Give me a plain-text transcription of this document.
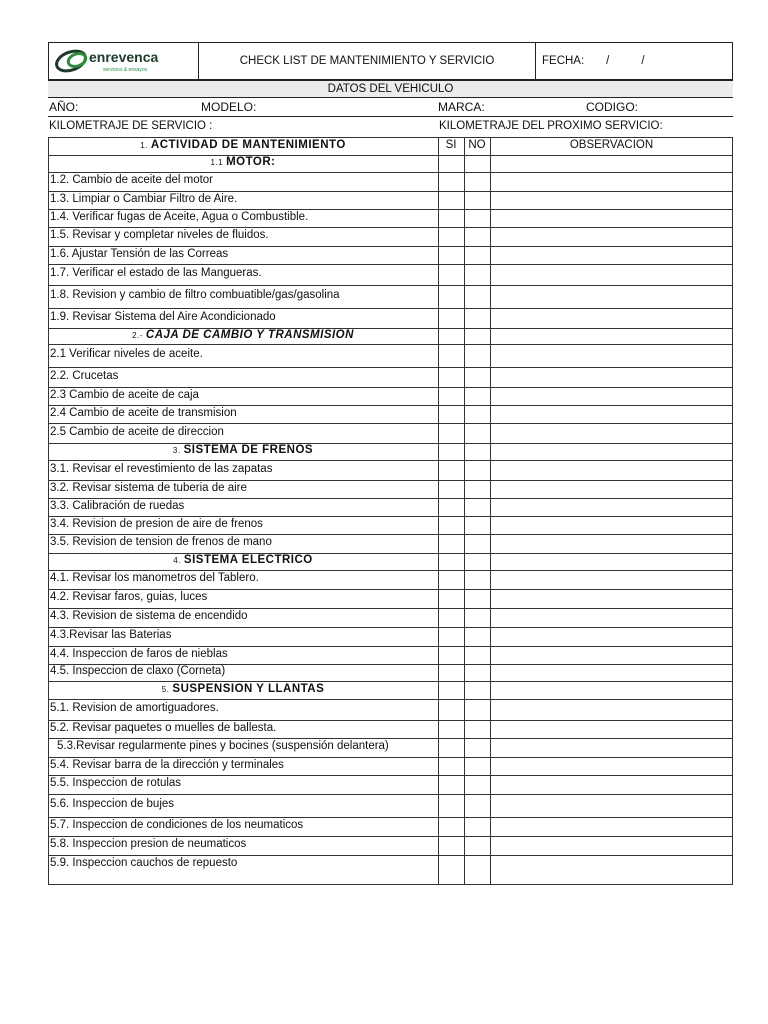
enrevenca
servicios & ensayos
CHECK LIST DE MANTENIMIENTO Y SERVICIO	FECHA: /          /
DATOS DEL VEHICULO
AÑO:	MODELO:	MARCA:	CODIGO:
KILOMETRAJE DE SERVICIO :	KILOMETRAJE DEL PROXIMO SERVICIO:
1. ACTIVIDAD DE MANTENIMIENTO	SI	NO	OBSERVACION
1.1 MOTOR:
1.2. Cambio de aceite del motor
1.3. Limpiar o Cambiar Filtro de Aire.
1.4. Verificar fugas de Aceite, Agua o Combustible.
1.5. Revisar y completar niveles de fluidos.
1.6. Ajustar Tensión de las Correas
1.7. Verificar el estado de las Mangueras.
1.8. Revision y cambio de filtro combuatible/gas/gasolina
1.9. Revisar Sistema del Aire Acondicionado
2.- CAJA DE CAMBIO Y TRANSMISION
2.1 Verificar niveles de aceite.
2.2. Crucetas
2.3 Cambio de aceite de caja
2.4 Cambio de aceite de transmision
2.5 Cambio de aceite de direccion
3. SISTEMA DE FRENOS
3.1. Revisar el revestimiento de las zapatas
3.2. Revisar sistema de tuberia de aire
3.3. Calibración de ruedas
3.4. Revision de presion de aire de frenos
3.5. Revision de tension de frenos de mano
4. SISTEMA ELECTRICO
4.1. Revisar los manometros del Tablero.
4.2. Revisar faros, guias, luces
4.3. Revision de sistema de encendido
4.3.Revisar las Baterias
4.4. Inspeccion de faros de nieblas
4.5. Inspeccion de claxo (Corneta)
5. SUSPENSION Y LLANTAS
5.1. Revision de amortiguadores.
5.2. Revisar paquetes o muelles de ballesta.
5.3.Revisar regularmente pines y bocines (suspensión delantera)
5.4. Revisar barra de la dirección y terminales
5.5. Inspeccion de rotulas
5.6. Inspeccion de bujes
5.7. Inspeccion de condiciones de los neumaticos
5.8. Inspeccion presion de neumaticos
5.9. Inspeccion cauchos de repuesto
